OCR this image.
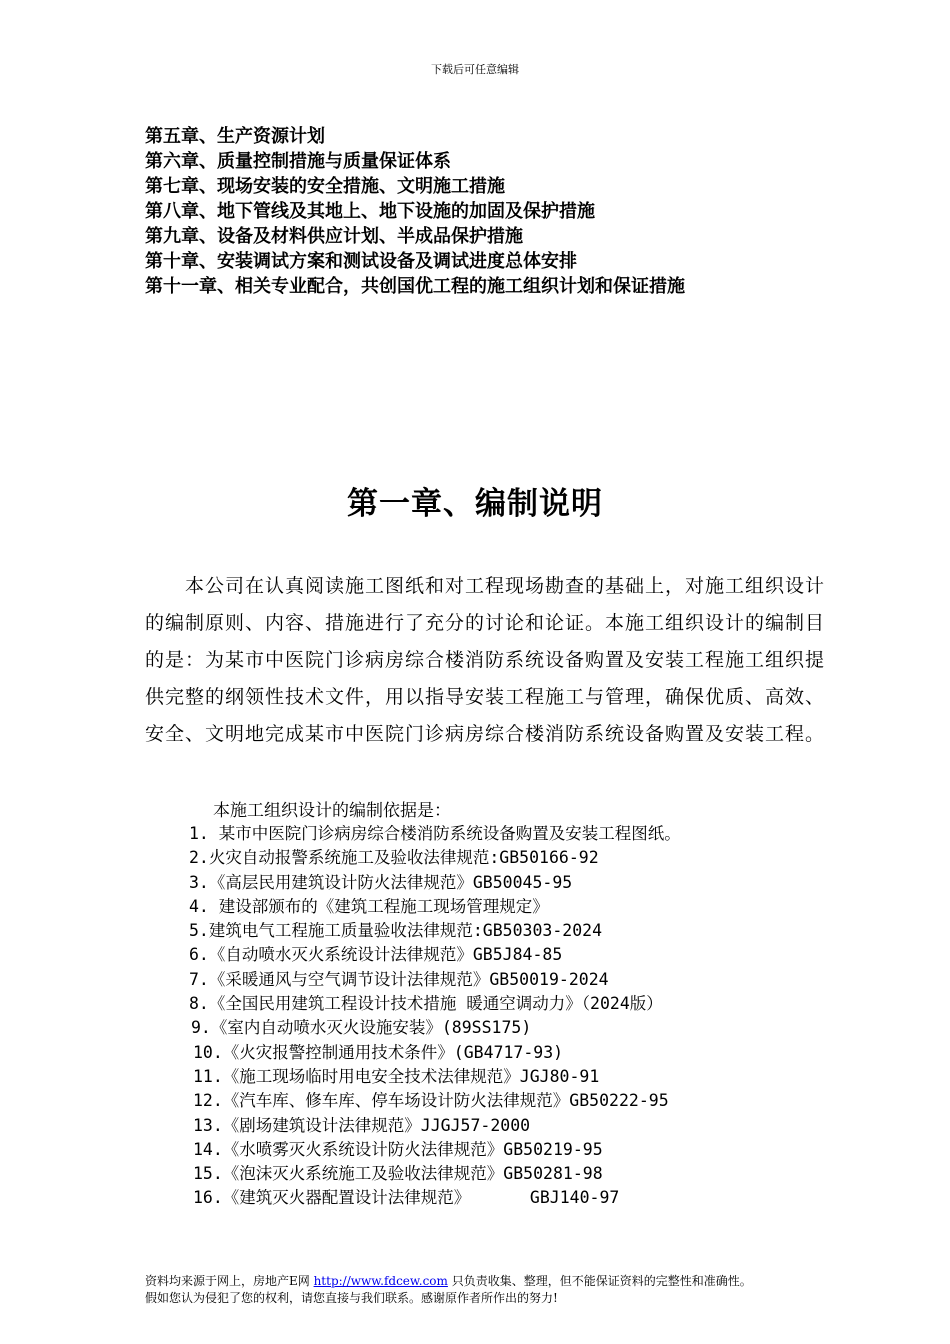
下载后可任意编辑
第五章、生产资源计划
第六章、质量控制措施与质量保证体系
第七章、现场安装的安全措施、文明施工措施
第八章、地下管线及其地上、地下设施的加固及保护措施
第九章、设备及材料供应计划、半成品保护措施
第十章、安装调试方案和测试设备及调试进度总体安排
第十一章、相关专业配合，共创国优工程的施工组织计划和保证措施
第一章、编制说明

本公司在认真阅读施工图纸和对工程现场勘查的基础上，对施工组织设计的编制原则、内容、措施进行了充分的讨论和论证。本施工组织设计的编制目的是：为某市中医院门诊病房综合楼消防系统设备购置及安装工程施工组织提供完整的纲领性技术文件，用以指导安装工程施工与管理，确保优质、高效、安全、文明地完成某市中医院门诊病房综合楼消防系统设备购置及安装工程。

本施工组织设计的编制依据是：
1. 某市中医院门诊病房综合楼消防系统设备购置及安装工程图纸。
2.火灾自动报警系统施工及验收法律规范:GB50166-92
3.《高层民用建筑设计防火法律规范》GB50045-95
4. 建设部颁布的《建筑工程施工现场管理规定》
5.建筑电气工程施工质量验收法律规范:GB50303-2024
6.《自动喷水灭火系统设计法律规范》GB5J84-85
7.《采暖通风与空气调节设计法律规范》GB50019-2024
8.《全国民用建筑工程设计技术措施 暖通空调动力》（2024版）
9.《室内自动喷水灭火设施安装》(89SS175)
10.《火灾报警控制通用技术条件》(GB4717-93)
11.《施工现场临时用电安全技术法律规范》JGJ80-91
12.《汽车库、修车库、停车场设计防火法律规范》GB50222-95
13.《剧场建筑设计法律规范》JJGJ57-2000
14.《水喷雾灭火系统设计防火法律规范》GB50219-95
15.《泡沫灭火系统施工及验收法律规范》GB50281-98
16.《建筑灭火器配置设计法律规范》      GBJ140-97
资料均来源于网上，房地产E网 http://www.fdcew.com 只负责收集、整理，但不能保证资料的完整性和准确性。
假如您认为侵犯了您的权利，请您直接与我们联系。感谢原作者所作出的努力!
